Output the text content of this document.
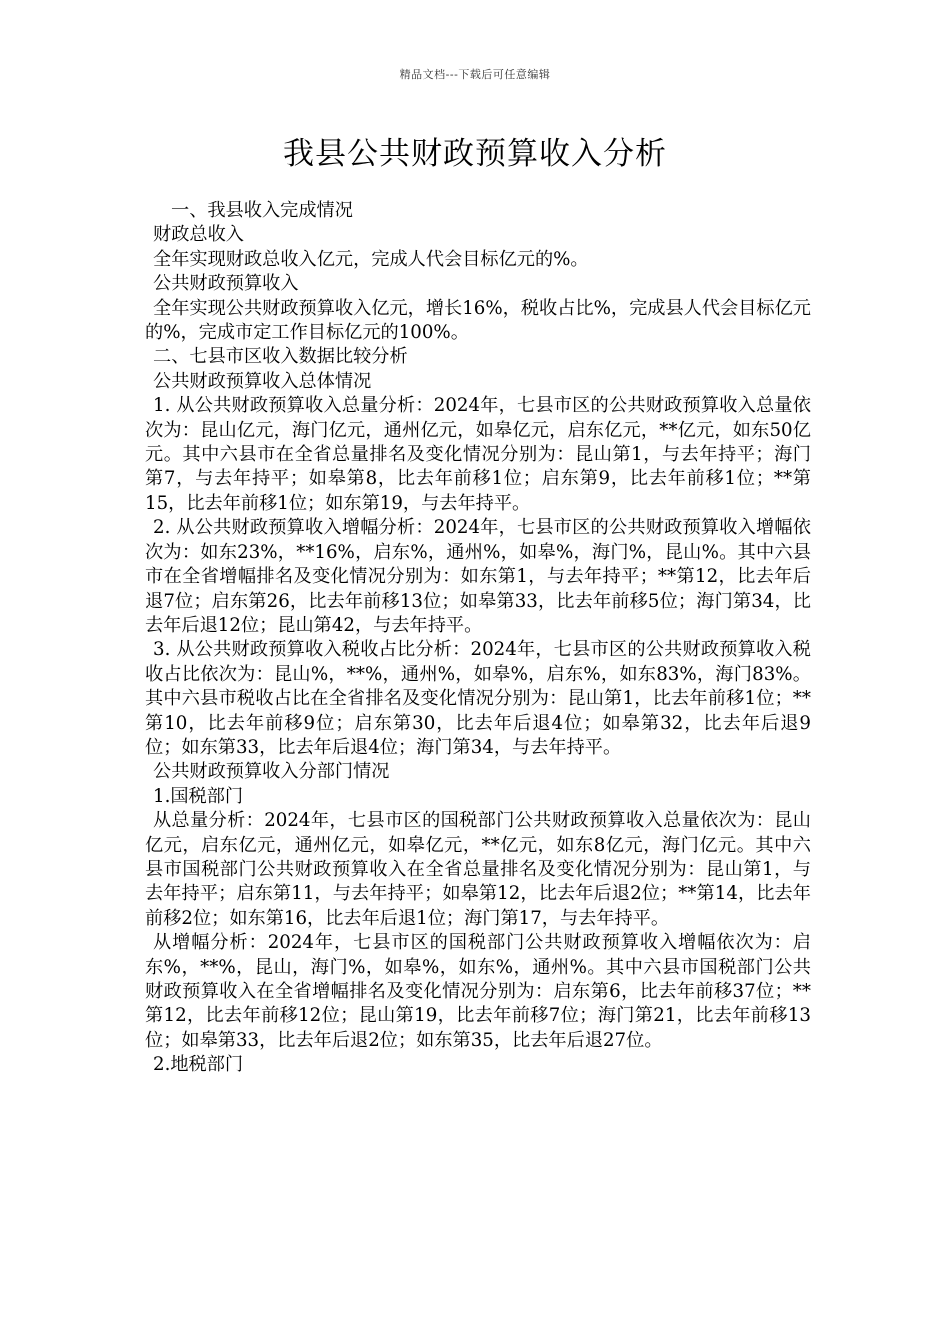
精品文档---下载后可任意编辑
我县公共财政预算收入分析

一、我县收入完成情况

财政总收入

全年实现财政总收入亿元，完成人代会目标亿元的%。

公共财政预算收入

全年实现公共财政预算收入亿元，增长16%，税收占比%，完成县人代会目标亿元的%，完成市定工作目标亿元的100%。

二、七县市区收入数据比较分析

公共财政预算收入总体情况

1. 从公共财政预算收入总量分析：2024年，七县市区的公共财政预算收入总量依次为：昆山亿元，海门亿元，通州亿元，如皋亿元，启东亿元，**亿元，如东50亿元。其中六县市在全省总量排名及变化情况分别为：昆山第1，与去年持平；海门第7，与去年持平；如皋第8，比去年前移1位；启东第9，比去年前移1位；**第15，比去年前移1位；如东第19，与去年持平。

2. 从公共财政预算收入增幅分析：2024年，七县市区的公共财政预算收入增幅依次为：如东23%，**16%，启东%，通州%，如皋%，海门%，昆山%。其中六县市在全省增幅排名及变化情况分别为：如东第1，与去年持平；**第12，比去年后退7位；启东第26，比去年前移13位；如皋第33，比去年前移5位；海门第34，比去年后退12位；昆山第42，与去年持平。

3. 从公共财政预算收入税收占比分析：2024年，七县市区的公共财政预算收入税收占比依次为：昆山%，**%，通州%，如皋%，启东%，如东83%，海门83%。其中六县市税收占比在全省排名及变化情况分别为：昆山第1，比去年前移1位；**第10，比去年前移9位；启东第30，比去年后退4位；如皋第32，比去年后退9位；如东第33，比去年后退4位；海门第34，与去年持平。

公共财政预算收入分部门情况

1.国税部门

从总量分析：2024年，七县市区的国税部门公共财政预算收入总量依次为：昆山亿元，启东亿元，通州亿元，如皋亿元，**亿元，如东8亿元，海门亿元。其中六县市国税部门公共财政预算收入在全省总量排名及变化情况分别为：昆山第1，与去年持平；启东第11，与去年持平；如皋第12，比去年后退2位；**第14，比去年前移2位；如东第16，比去年后退1位；海门第17，与去年持平。

从增幅分析：2024年，七县市区的国税部门公共财政预算收入增幅依次为：启东%，**%，昆山，海门%，如皋%，如东%，通州%。其中六县市国税部门公共财政预算收入在全省增幅排名及变化情况分别为：启东第6，比去年前移37位；**第12，比去年前移12位；昆山第19，比去年前移7位；海门第21，比去年前移13位；如皋第33，比去年后退2位；如东第35，比去年后退27位。

2.地税部门
